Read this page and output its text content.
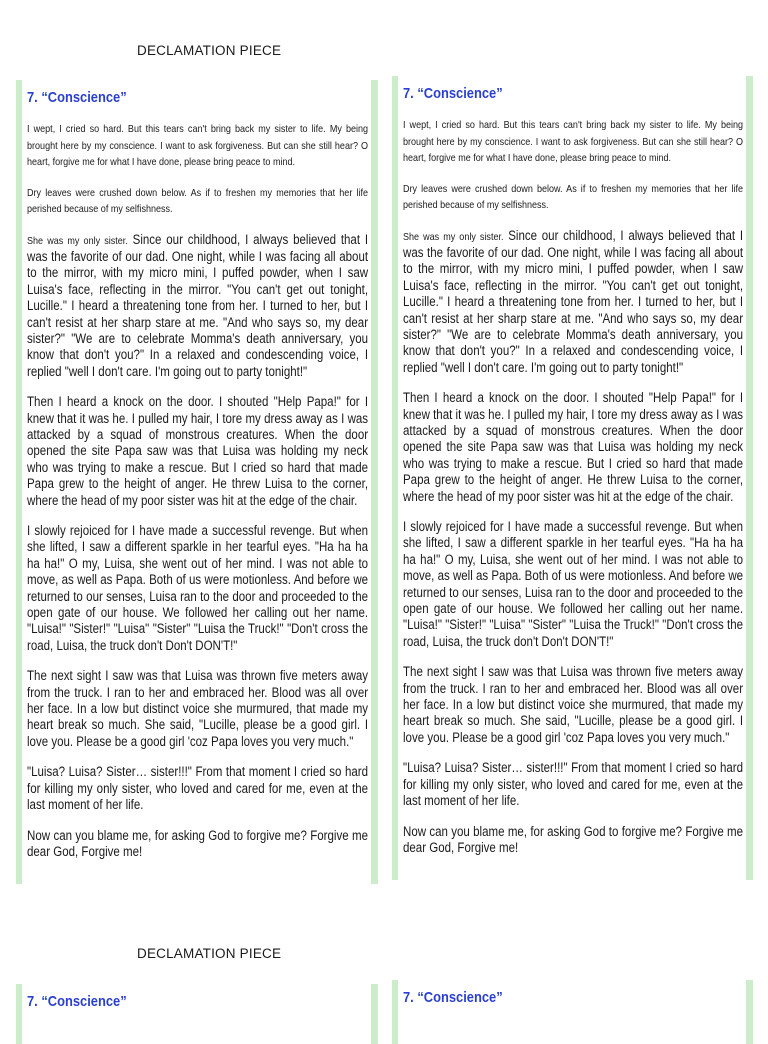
DECLAMATION PIECE
7. “Conscience”

I wept, I cried so hard. But this tears can't bring back my sister to life. My being brought here by my conscience. I want to ask forgiveness. But can she still hear? O heart, forgive me for what I have done, please bring peace to mind.

Dry leaves were crushed down below. As if to freshen my memories that her life perished because of my selfishness.

She was my only sister. Since our childhood, I always believed that I was the favorite of our dad. One night, while I was facing all about to the mirror, with my micro mini, I puffed powder, when I saw Luisa's face, reflecting in the mirror. "You can't get out tonight, Lucille." I heard a threatening tone from her. I turned to her, but I can't resist at her sharp stare at me. "And who says so, my dear sister?" "We are to celebrate Momma's death anniversary, you know that don't you?" In a relaxed and condescending voice, I replied "well I don't care. I'm going out to party tonight!"

Then I heard a knock on the door. I shouted "Help Papa!" for I knew that it was he. I pulled my hair, I tore my dress away as I was attacked by a squad of monstrous creatures. When the door opened the site Papa saw was that Luisa was holding my neck who was trying to make a rescue. But I cried so hard that made Papa grew to the height of anger. He threw Luisa to the corner, where the head of my poor sister was hit at the edge of the chair.

I slowly rejoiced for I have made a successful revenge. But when she lifted, I saw a different sparkle in her tearful eyes. "Ha ha ha ha ha!" O my, Luisa, she went out of her mind. I was not able to move, as well as Papa. Both of us were motionless. And before we returned to our senses, Luisa ran to the door and proceeded to the open gate of our house. We followed her calling out her name. "Luisa!" "Sister!" "Luisa" "Sister" "Luisa the Truck!" "Don't cross the road, Luisa, the truck don't Don't DON'T!"

The next sight I saw was that Luisa was thrown five meters away from the truck. I ran to her and embraced her. Blood was all over her face. In a low but distinct voice she murmured, that made my heart break so much. She said, "Lucille, please be a good girl. I love you. Please be a good girl 'coz Papa loves you very much."

"Luisa? Luisa? Sister… sister!!!" From that moment I cried so hard for killing my only sister, who loved and cared for me, even at the last moment of her life.

Now can you blame me, for asking God to forgive me? Forgive me dear God, Forgive me!

7. “Conscience”

I wept, I cried so hard. But this tears can't bring back my sister to life. My being brought here by my conscience. I want to ask forgiveness. But can she still hear? O heart, forgive me for what I have done, please bring peace to mind.

Dry leaves were crushed down below. As if to freshen my memories that her life perished because of my selfishness.

She was my only sister. Since our childhood, I always believed that I was the favorite of our dad. One night, while I was facing all about to the mirror, with my micro mini, I puffed powder, when I saw Luisa's face, reflecting in the mirror. "You can't get out tonight, Lucille." I heard a threatening tone from her. I turned to her, but I can't resist at her sharp stare at me. "And who says so, my dear sister?" "We are to celebrate Momma's death anniversary, you know that don't you?" In a relaxed and condescending voice, I replied "well I don't care. I'm going out to party tonight!"

Then I heard a knock on the door. I shouted "Help Papa!" for I knew that it was he. I pulled my hair, I tore my dress away as I was attacked by a squad of monstrous creatures. When the door opened the site Papa saw was that Luisa was holding my neck who was trying to make a rescue. But I cried so hard that made Papa grew to the height of anger. He threw Luisa to the corner, where the head of my poor sister was hit at the edge of the chair.

I slowly rejoiced for I have made a successful revenge. But when she lifted, I saw a different sparkle in her tearful eyes. "Ha ha ha ha ha!" O my, Luisa, she went out of her mind. I was not able to move, as well as Papa. Both of us were motionless. And before we returned to our senses, Luisa ran to the door and proceeded to the open gate of our house. We followed her calling out her name. "Luisa!" "Sister!" "Luisa" "Sister" "Luisa the Truck!" "Don't cross the road, Luisa, the truck don't Don't DON'T!"

The next sight I saw was that Luisa was thrown five meters away from the truck. I ran to her and embraced her. Blood was all over her face. In a low but distinct voice she murmured, that made my heart break so much. She said, "Lucille, please be a good girl. I love you. Please be a good girl 'coz Papa loves you very much."

"Luisa? Luisa? Sister… sister!!!" From that moment I cried so hard for killing my only sister, who loved and cared for me, even at the last moment of her life.

Now can you blame me, for asking God to forgive me? Forgive me dear God, Forgive me!

DECLAMATION PIECE
7. “Conscience”	7. “Conscience”
